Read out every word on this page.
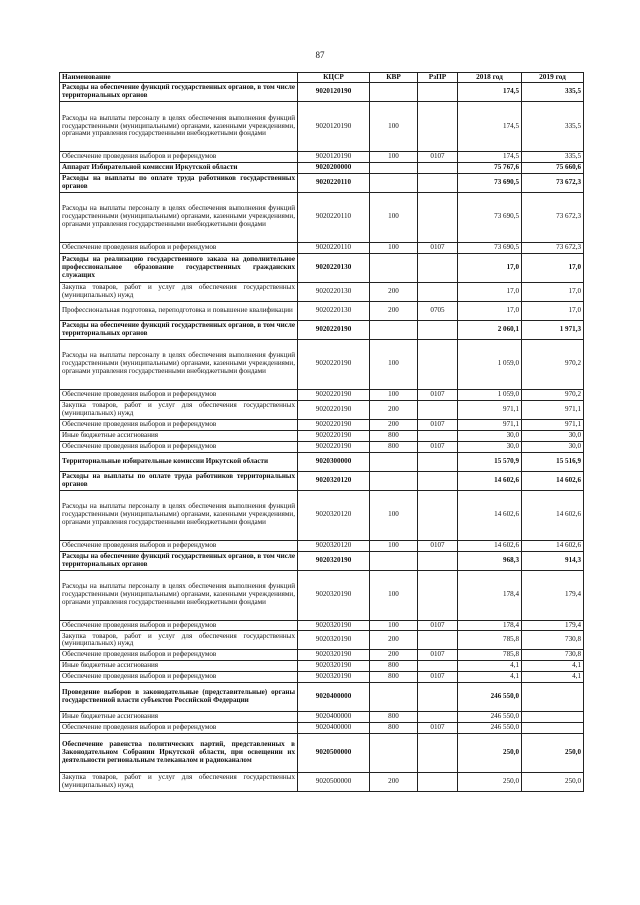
87
Наименование	КЦСР	КВР	РзПР	2018 год	2019 год
Расходы на обеспечение функций государственных органов, в том числе территориальных органов	9020120190			174,5	335,5
Расходы на выплаты персоналу в целях обеспечения выполнения функций государственными (муниципальными) органами, казенными учреждениями, органами управления государственными внебюджетными фондами	9020120190	100		174,5	335,5
Обеспечение проведения выборов и референдумов	9020120190	100	0107	174,5	335,5
Аппарат Избирательной комиссии Иркутской области	9020200000			75 767,6	75 660,6
Расходы на выплаты по оплате труда работников государственных органов	9020220110			73 690,5	73 672,3
Расходы на выплаты персоналу в целях обеспечения выполнения функций государственными (муниципальными) органами, казенными учреждениями, органами управления государственными внебюджетными фондами	9020220110	100		73 690,5	73 672,3
Обеспечение проведения выборов и референдумов	9020220110	100	0107	73 690,5	73 672,3
Расходы на реализацию государственного заказа на дополнительное профессиональное образование государственных гражданских служащих	9020220130			17,0	17,0
Закупка товаров, работ и услуг для обеспечения государственных (муниципальных) нужд	9020220130	200		17,0	17,0
Профессиональная подготовка, переподготовка и повышение квалификации	9020220130	200	0705	17,0	17,0
Расходы на обеспечение функций государственных органов, в том числе территориальных органов	9020220190			2 060,1	1 971,3
Расходы на выплаты персоналу в целях обеспечения выполнения функций государственными (муниципальными) органами, казенными учреждениями, органами управления государственными внебюджетными фондами	9020220190	100		1 059,0	970,2
Обеспечение проведения выборов и референдумов	9020220190	100	0107	1 059,0	970,2
Закупка товаров, работ и услуг для обеспечения государственных (муниципальных) нужд	9020220190	200		971,1	971,1
Обеспечение проведения выборов и референдумов	9020220190	200	0107	971,1	971,1
Иные бюджетные ассигнования	9020220190	800		30,0	30,0
Обеспечение проведения выборов и референдумов	9020220190	800	0107	30,0	30,0
Территориальные избирательные комиссии Иркутской области	9020300000			15 570,9	15 516,9
Расходы на выплаты по оплате труда работников территориальных органов	9020320120			14 602,6	14 602,6
Расходы на выплаты персоналу в целях обеспечения выполнения функций государственными (муниципальными) органами, казенными учреждениями, органами управления государственными внебюджетными фондами	9020320120	100		14 602,6	14 602,6
Обеспечение проведения выборов и референдумов	9020320120	100	0107	14 602,6	14 602,6
Расходы на обеспечение функций государственных органов, в том числе территориальных органов	9020320190			968,3	914,3
Расходы на выплаты персоналу в целях обеспечения выполнения функций государственными (муниципальными) органами, казенными учреждениями, органами управления государственными внебюджетными фондами	9020320190	100		178,4	179,4
Обеспечение проведения выборов и референдумов	9020320190	100	0107	178,4	179,4
Закупка товаров, работ и услуг для обеспечения государственных (муниципальных) нужд	9020320190	200		785,8	730,8
Обеспечение проведения выборов и референдумов	9020320190	200	0107	785,8	730,8
Иные бюджетные ассигнования	9020320190	800		4,1	4,1
Обеспечение проведения выборов и референдумов	9020320190	800	0107	4,1	4,1
Проведение выборов в законодательные (представительные) органы государственной власти субъектов Российской Федерации	9020400000			246 550,0	
Иные бюджетные ассигнования	9020400000	800		246 550,0	
Обеспечение проведения выборов и референдумов	9020400000	800	0107	246 550,0	
Обеспечение равенства политических партий, представленных в Законодательном Собрании Иркутской области, при освещении их деятельности региональным телеканалом и радиоканалом	9020500000			250,0	250,0
Закупка товаров, работ и услуг для обеспечения государственных (муниципальных) нужд	9020500000	200		250,0	250,0
